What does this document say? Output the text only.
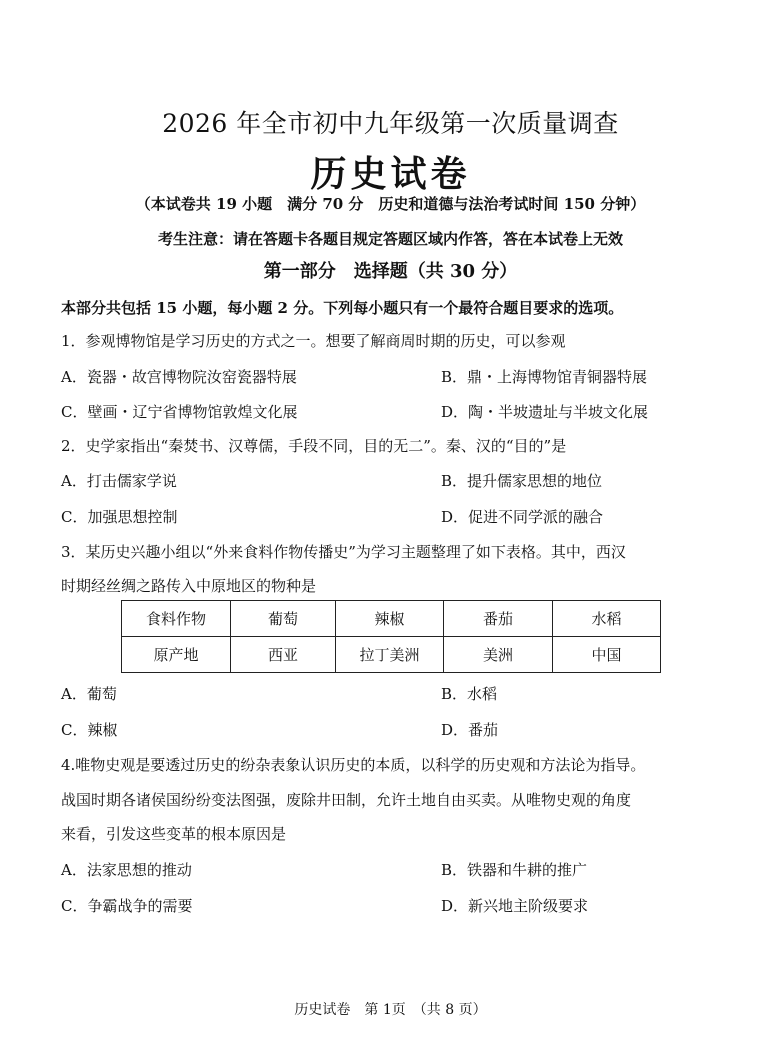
2026 年全市初中九年级第一次质量调查
历史试卷
（本试卷共 19 小题　满分 70 分　历史和道德与法治考试时间 150 分钟）
考生注意：请在答题卡各题目规定答题区域内作答，答在本试卷上无效
第一部分　选择题（共 30 分）
本部分共包括 15 小题，每小题 2 分。下列每小题只有一个最符合题目要求的选项。
1．参观博物馆是学习历史的方式之一。想要了解商周时期的历史，可以参观
A．瓷器・故宫博物院汝窑瓷器特展	B．鼎・上海博物馆青铜器特展
C．壁画・辽宁省博物馆敦煌文化展	D．陶・半坡遗址与半坡文化展
2．史学家指出“秦焚书、汉尊儒，手段不同，目的无二”。秦、汉的“目的”是
A．打击儒家学说	B．提升儒家思想的地位
C．加强思想控制	D．促进不同学派的融合
3．某历史兴趣小组以“外来食料作物传播史”为学习主题整理了如下表格。其中，西汉
时期经丝绸之路传入中原地区的物种是
食料作物	葡萄	辣椒	番茄	水稻
原产地	西亚	拉丁美洲	美洲	中国
A．葡萄	B．水稻
C．辣椒	D．番茄
4.唯物史观是要透过历史的纷杂表象认识历史的本质，以科学的历史观和方法论为指导。
战国时期各诸侯国纷纷变法图强，废除井田制，允许土地自由买卖。从唯物史观的角度
来看，引发这些变革的根本原因是
A．法家思想的推动	B．铁器和牛耕的推广
C．争霸战争的需要	D．新兴地主阶级要求
历史试卷　第 1页　（共 8 页）
